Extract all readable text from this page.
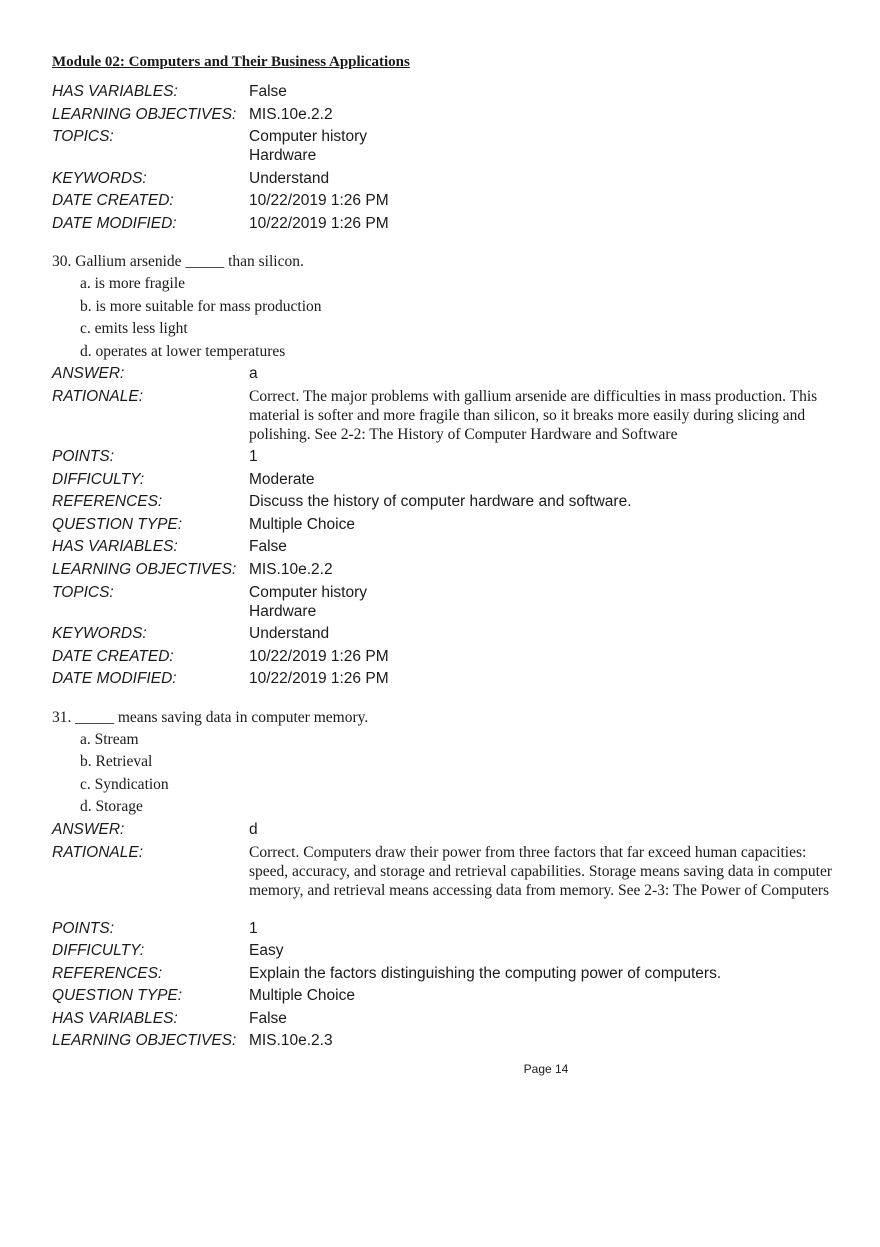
Module 02: Computers and Their Business Applications
HAS VARIABLES:	False
LEARNING OBJECTIVES: MIS.10e.2.2
TOPICS:	Computer history
Hardware
KEYWORDS:	Understand
DATE CREATED:	10/22/2019 1:26 PM
DATE MODIFIED:	10/22/2019 1:26 PM
30. Gallium arsenide _____ than silicon.
a. is more fragile
b. is more suitable for mass production
c. emits less light
d. operates at lower temperatures
ANSWER:	a
RATIONALE:	Correct. The major problems with gallium arsenide are difficulties in mass production. This material is softer and more fragile than silicon, so it breaks more easily during slicing and polishing. See 2-2: The History of Computer Hardware and Software
POINTS:	1
DIFFICULTY:	Moderate
REFERENCES:	Discuss the history of computer hardware and software.
QUESTION TYPE:	Multiple Choice
HAS VARIABLES:	False
LEARNING OBJECTIVES: MIS.10e.2.2
TOPICS:	Computer history
Hardware
KEYWORDS:	Understand
DATE CREATED:	10/22/2019 1:26 PM
DATE MODIFIED:	10/22/2019 1:26 PM
31. _____ means saving data in computer memory.
a. Stream
b. Retrieval
c. Syndication
d. Storage
ANSWER:	d
RATIONALE:	Correct. Computers draw their power from three factors that far exceed human capacities: speed, accuracy, and storage and retrieval capabilities. Storage means saving data in computer memory, and retrieval means accessing data from memory. See 2-3: The Power of Computers
POINTS:	1
DIFFICULTY:	Easy
REFERENCES:	Explain the factors distinguishing the computing power of computers.
QUESTION TYPE:	Multiple Choice
HAS VARIABLES:	False
LEARNING OBJECTIVES: MIS.10e.2.3
Page 14
